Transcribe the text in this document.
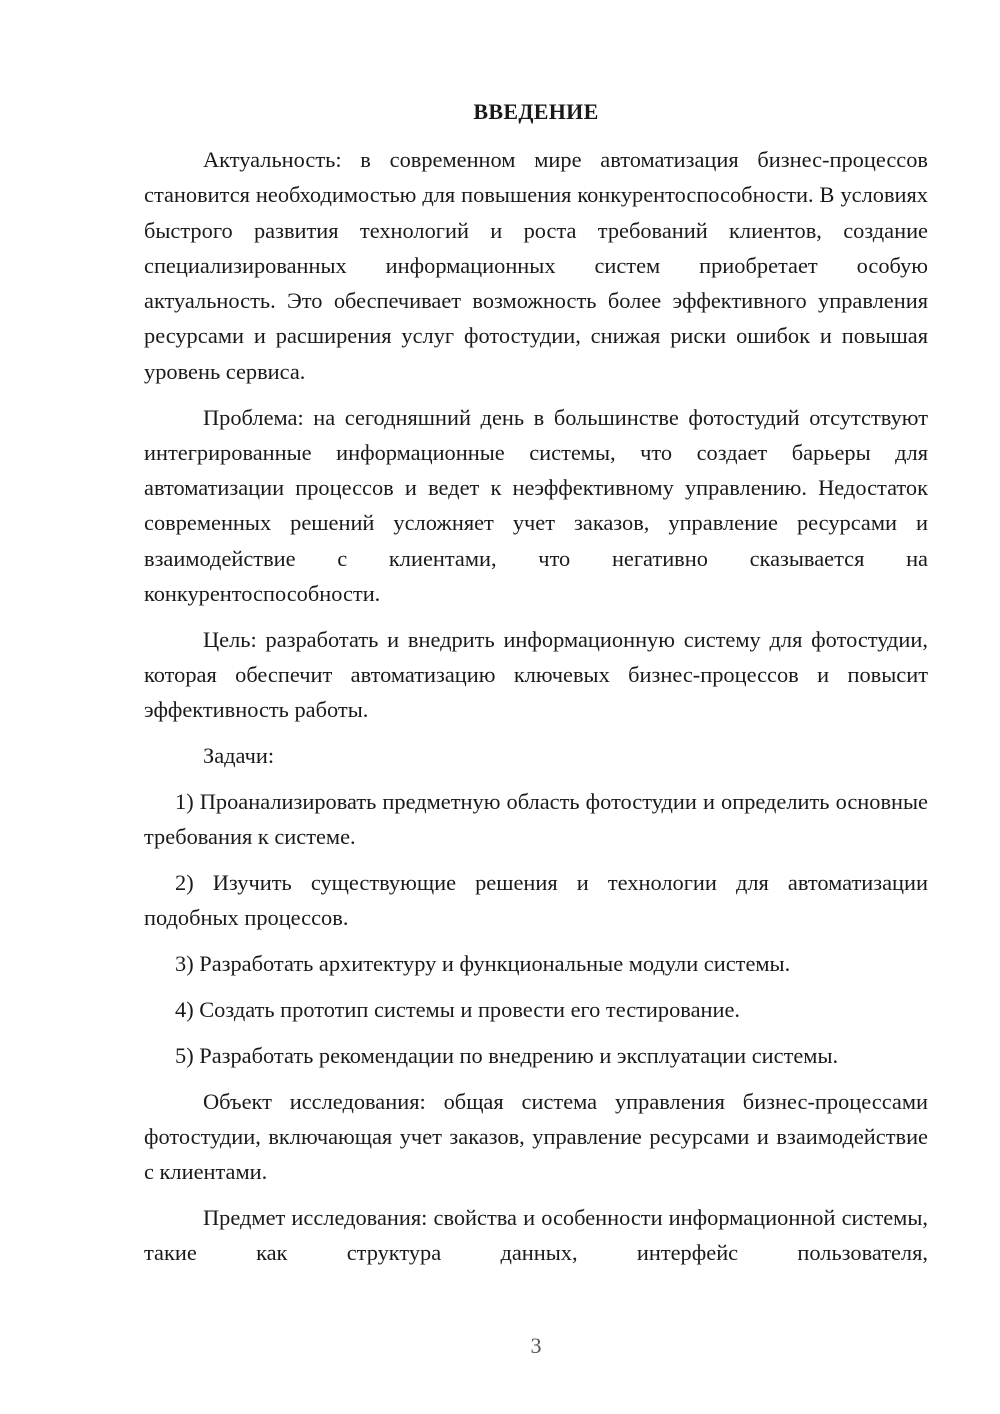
ВВЕДЕНИЕ

Актуальность: в современном мире автоматизация бизнес-процессов становится необходимостью для повышения конкурентоспособности. В условиях быстрого развития технологий и роста требований клиентов, создание специализированных информационных систем приобретает особую актуальность. Это обеспечивает возможность более эффективного управления ресурсами и расширения услуг фотостудии, снижая риски ошибок и повышая уровень сервиса.

Проблема: на сегодняшний день в большинстве фотостудий отсутствуют интегрированные информационные системы, что создает барьеры для автоматизации процессов и ведет к неэффективному управлению. Недостаток современных решений усложняет учет заказов, управление ресурсами и взаимодействие с клиентами, что негативно сказывается на конкурентоспособности.

Цель: разработать и внедрить информационную систему для фотостудии, которая обеспечит автоматизацию ключевых бизнес-процессов и повысит эффективность работы.

Задачи:

1) Проанализировать предметную область фотостудии и определить основные требования к системе.

2) Изучить существующие решения и технологии для автоматизации подобных процессов.

3) Разработать архитектуру и функциональные модули системы.

4) Создать прототип системы и провести его тестирование.

5) Разработать рекомендации по внедрению и эксплуатации системы.

Объект исследования: общая система управления бизнес-процессами фотостудии, включающая учет заказов, управление ресурсами и взаимодействие с клиентами.

Предмет исследования: свойства и особенности информационной системы, такие как структура данных, интерфейс пользователя,

3
